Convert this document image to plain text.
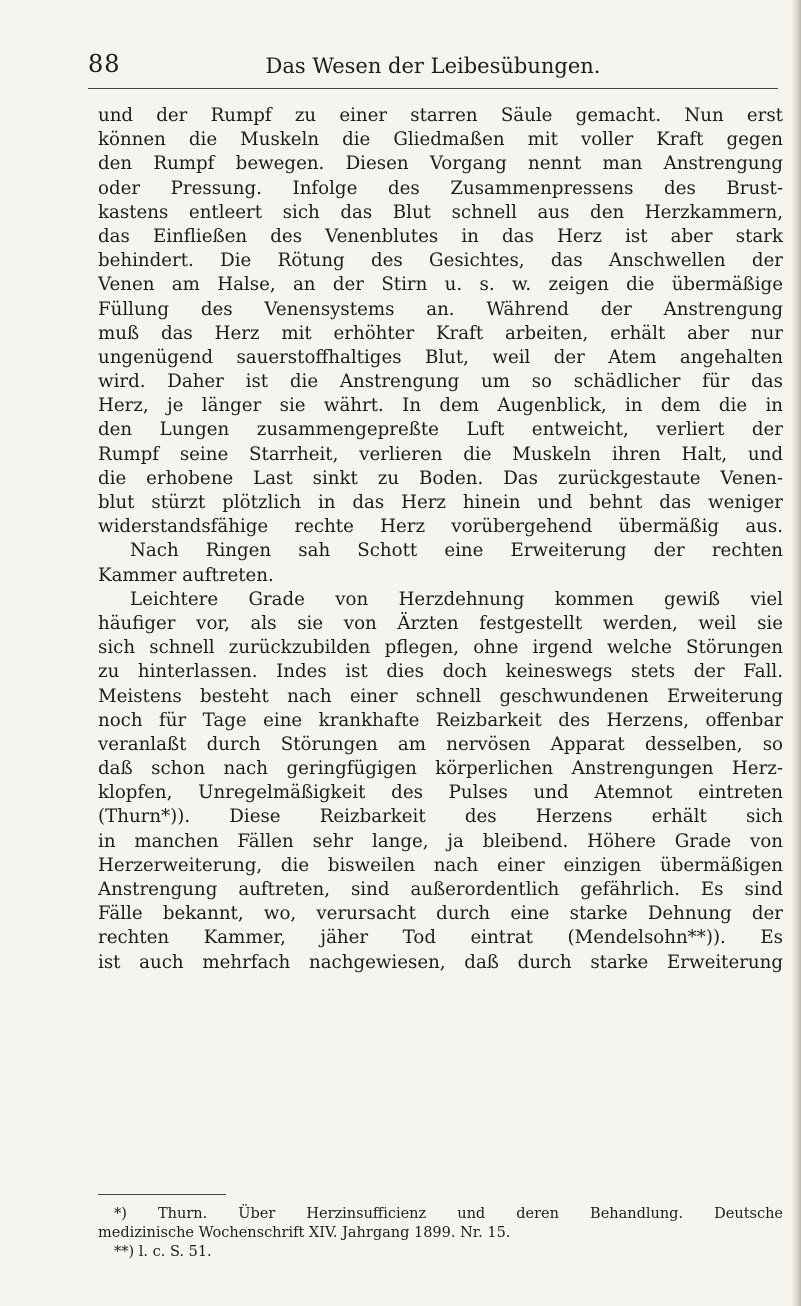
88	Das Wesen der Leibesübungen.
und der Rumpf zu einer starren Säule gemacht. Nun erst
können die Muskeln die Gliedmaßen mit voller Kraft gegen
den Rumpf bewegen. Diesen Vorgang nennt man Anstrengung
oder Pressung. Infolge des Zusammenpressens des Brust-
kastens entleert sich das Blut schnell aus den Herzkammern,
das Einfließen des Venenblutes in das Herz ist aber stark
behindert. Die Rötung des Gesichtes, das Anschwellen der
Venen am Halse, an der Stirn u. s. w. zeigen die übermäßige
Füllung des Venensystems an. Während der Anstrengung
muß das Herz mit erhöhter Kraft arbeiten, erhält aber nur
ungenügend sauerstoffhaltiges Blut, weil der Atem angehalten
wird. Daher ist die Anstrengung um so schädlicher für das
Herz, je länger sie währt. In dem Augenblick, in dem die in
den Lungen zusammengepreßte Luft entweicht, verliert der
Rumpf seine Starrheit, verlieren die Muskeln ihren Halt, und
die erhobene Last sinkt zu Boden. Das zurückgestaute Venen-
blut stürzt plötzlich in das Herz hinein und behnt das weniger
widerstandsfähige rechte Herz vorübergehend übermäßig aus.
Nach Ringen sah Schott eine Erweiterung der rechten
Kammer auftreten.
Leichtere Grade von Herzdehnung kommen gewiß viel
häufiger vor, als sie von Ärzten festgestellt werden, weil sie
sich schnell zurückzubilden pflegen, ohne irgend welche Störungen
zu hinterlassen. Indes ist dies doch keineswegs stets der Fall.
Meistens besteht nach einer schnell geschwundenen Erweiterung
noch für Tage eine krankhafte Reizbarkeit des Herzens, offenbar
veranlaßt durch Störungen am nervösen Apparat desselben, so
daß schon nach geringfügigen körperlichen Anstrengungen Herz-
klopfen, Unregelmäßigkeit des Pulses und Atemnot eintreten
(Thurn*)). Diese Reizbarkeit des Herzens erhält sich
in manchen Fällen sehr lange, ja bleibend. Höhere Grade von
Herzerweiterung, die bisweilen nach einer einzigen übermäßigen
Anstrengung auftreten, sind außerordentlich gefährlich. Es sind
Fälle bekannt, wo, verursacht durch eine starke Dehnung der
rechten Kammer, jäher Tod eintrat (Mendelsohn**)). Es
ist auch mehrfach nachgewiesen, daß durch starke Erweiterung
*) Thurn. Über Herzinsufficienz und deren Behandlung. Deutsche
medizinische Wochenschrift XIV. Jahrgang 1899. Nr. 15.
**) l. c. S. 51.
